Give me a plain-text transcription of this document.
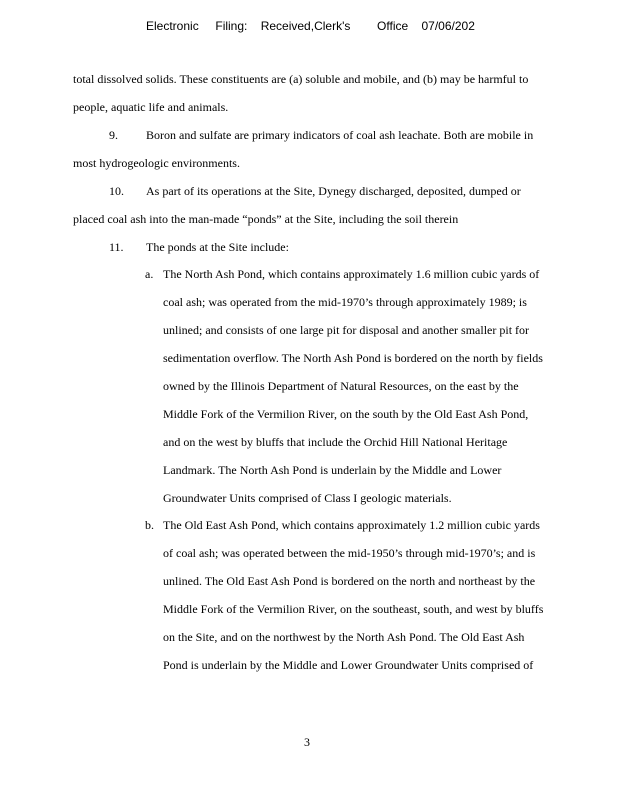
Electronic     Filing:    Received,Clerk's        Office    07/06/202
total dissolved solids. These constituents are (a) soluble and mobile, and (b) may be harmful to
people, aquatic life and animals.
9. Boron and sulfate are primary indicators of coal ash leachate. Both are mobile in
most hydrogeologic environments.
10. As part of its operations at the Site, Dynegy discharged, deposited, dumped or
placed coal ash into the man-made “ponds” at the Site, including the soil therein
11. The ponds at the Site include:
a. The North Ash Pond, which contains approximately 1.6 million cubic yards of
coal ash; was operated from the mid-1970’s through approximately 1989; is
unlined; and consists of one large pit for disposal and another smaller pit for
sedimentation overflow. The North Ash Pond is bordered on the north by fields
owned by the Illinois Department of Natural Resources, on the east by the
Middle Fork of the Vermilion River, on the south by the Old East Ash Pond,
and on the west by bluffs that include the Orchid Hill National Heritage
Landmark. The North Ash Pond is underlain by the Middle and Lower
Groundwater Units comprised of Class I geologic materials.
b. The Old East Ash Pond, which contains approximately 1.2 million cubic yards
of coal ash; was operated between the mid-1950’s through mid-1970’s; and is
unlined. The Old East Ash Pond is bordered on the north and northeast by the
Middle Fork of the Vermilion River, on the southeast, south, and west by bluffs
on the Site, and on the northwest by the North Ash Pond. The Old East Ash
Pond is underlain by the Middle and Lower Groundwater Units comprised of
3
